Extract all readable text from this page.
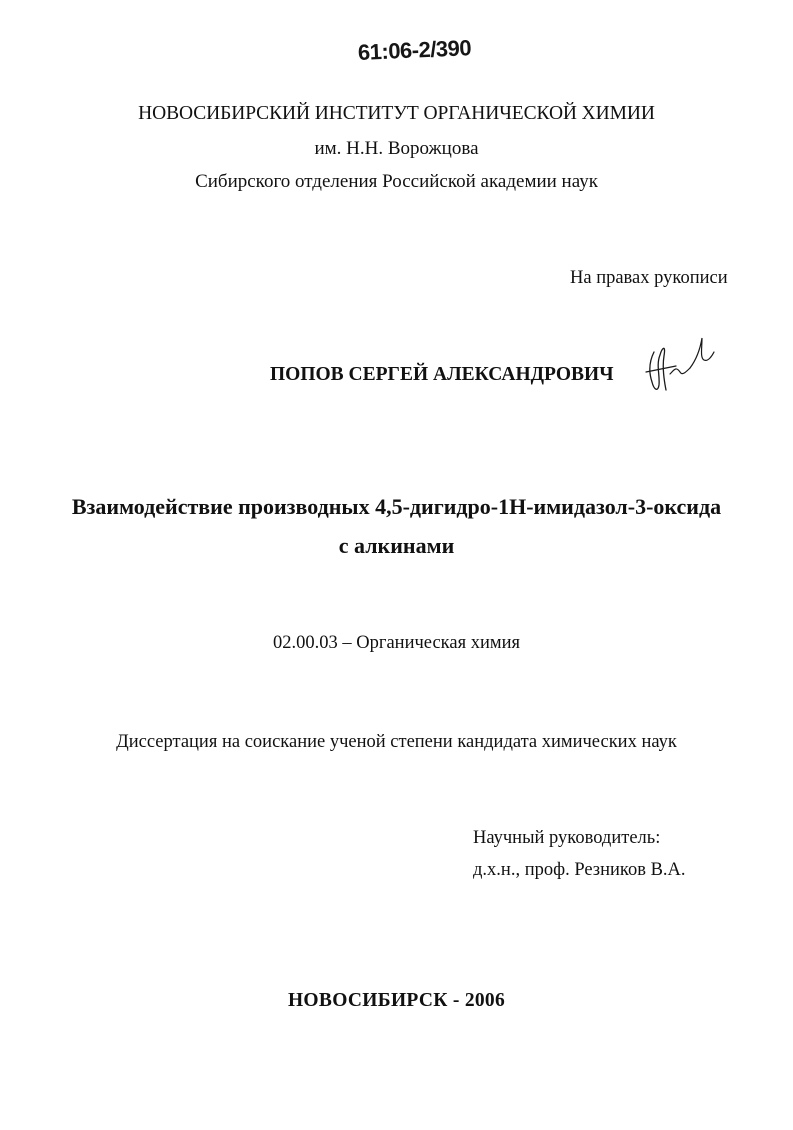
61:06-2/390
НОВОСИБИРСКИЙ ИНСТИТУТ ОРГАНИЧЕСКОЙ ХИМИИ
им. Н.Н. Ворожцова
Сибирского отделения Российской академии наук
На правах рукописи
ПОПОВ СЕРГЕЙ АЛЕКСАНДРОВИЧ
Взаимодействие производных 4,5-дигидро-1Н-имидазол-3-оксида
с алкинами
02.00.03 – Органическая химия
Диссертация на соискание ученой степени кандидата химических наук
Научный руководитель:
д.х.н., проф. Резников В.А.
НОВОСИБИРСК - 2006
